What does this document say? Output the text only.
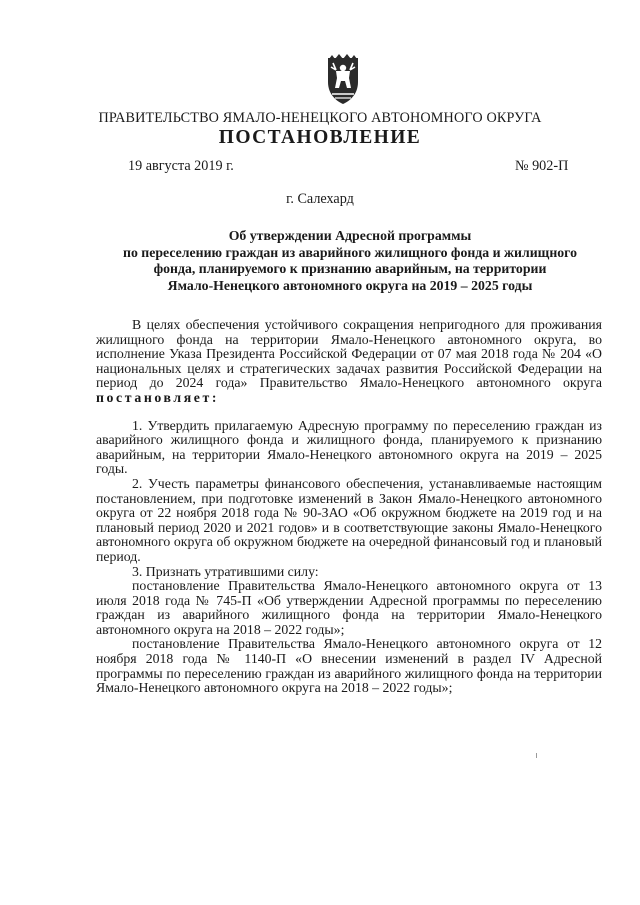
ПРАВИТЕЛЬСТВО ЯМАЛО-НЕНЕЦКОГО АВТОНОМНОГО ОКРУГА
ПОСТАНОВЛЕНИЕ
19 августа 2019 г.	№ 902-П
г. Салехард
Об утверждении Адресной программы
по переселению граждан из аварийного жилищного фонда и жилищного
фонда, планируемого к признанию аварийным, на территории
Ямало-Ненецкого автономного округа на 2019 – 2025 годы

В целях обеспечения устойчивого сокращения непригодного для проживания жилищного фонда на территории Ямало-Ненецкого автономного округа, во исполнение Указа Президента Российской Федерации от 07 мая 2018 года № 204 «О национальных целях и стратегических задачах развития Российской Федерации на период до 2024 года» Правительство Ямало-Ненецкого автономного округа постановляет:

1. Утвердить прилагаемую Адресную программу по переселению граждан из аварийного жилищного фонда и жилищного фонда, планируемого к признанию аварийным, на территории Ямало-Ненецкого автономного округа на 2019 – 2025 годы.

2. Учесть параметры финансового обеспечения, устанавливаемые настоящим постановлением, при подготовке изменений в Закон Ямало-Ненецкого автономного округа от 22 ноября 2018 года № 90-ЗАО «Об окружном бюджете на 2019 год и на плановый период 2020 и 2021 годов» и в соответствующие законы Ямало-Ненецкого автономного округа об окружном бюджете на очередной финансовый год и плановый период.

3. Признать утратившими силу:

постановление Правительства Ямало-Ненецкого автономного округа от 13 июля 2018 года № 745-П «Об утверждении Адресной программы по переселению граждан из аварийного жилищного фонда на территории Ямало-Ненецкого автономного округа на 2018 – 2022 годы»;

постановление Правительства Ямало-Ненецкого автономного округа от 12 ноября 2018 года № 1140-П «О внесении изменений в раздел IV Адресной программы по переселению граждан из аварийного жилищного фонда на территории Ямало-Ненецкого автономного округа на 2018 – 2022 годы»;
